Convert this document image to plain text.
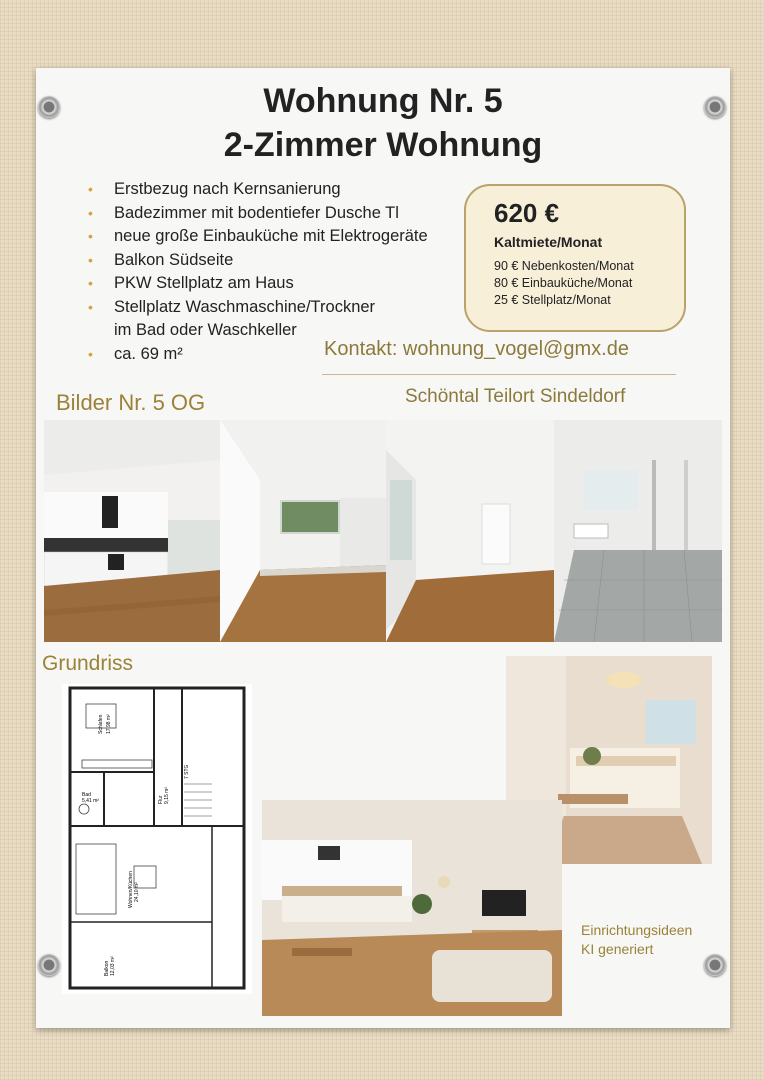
Wohnung Nr. 5
2-Zimmer Wohnung
• Erstbezug nach Kernsanierung
• Badezimmer mit bodentiefer Dusche Tl
• neue große Einbauküche mit Elektrogeräte
• Balkon Südseite
• PKW Stellplatz am Haus
• Stellplatz Waschmaschine/Trockner
im Bad oder Waschkeller
• ca. 69 m²
620 €
Kaltmiete/Monat
90 € Nebenkosten/Monat
80 € Einbauküche/Monat
25 € Stellplatz/Monat
Kontakt: wohnung_vogel@gmx.de
Bilder Nr. 5 OG	Schöntal Teilort Sindeldorf
Grundriss
Schlafen 17,98 m²
Bad
5,41 m²	Flur 9,15 m²
7 STG
Wohnen/Küchen 24,10 m²
Balkon 12,03 m²
Einrichtungsideen
KI generiert
